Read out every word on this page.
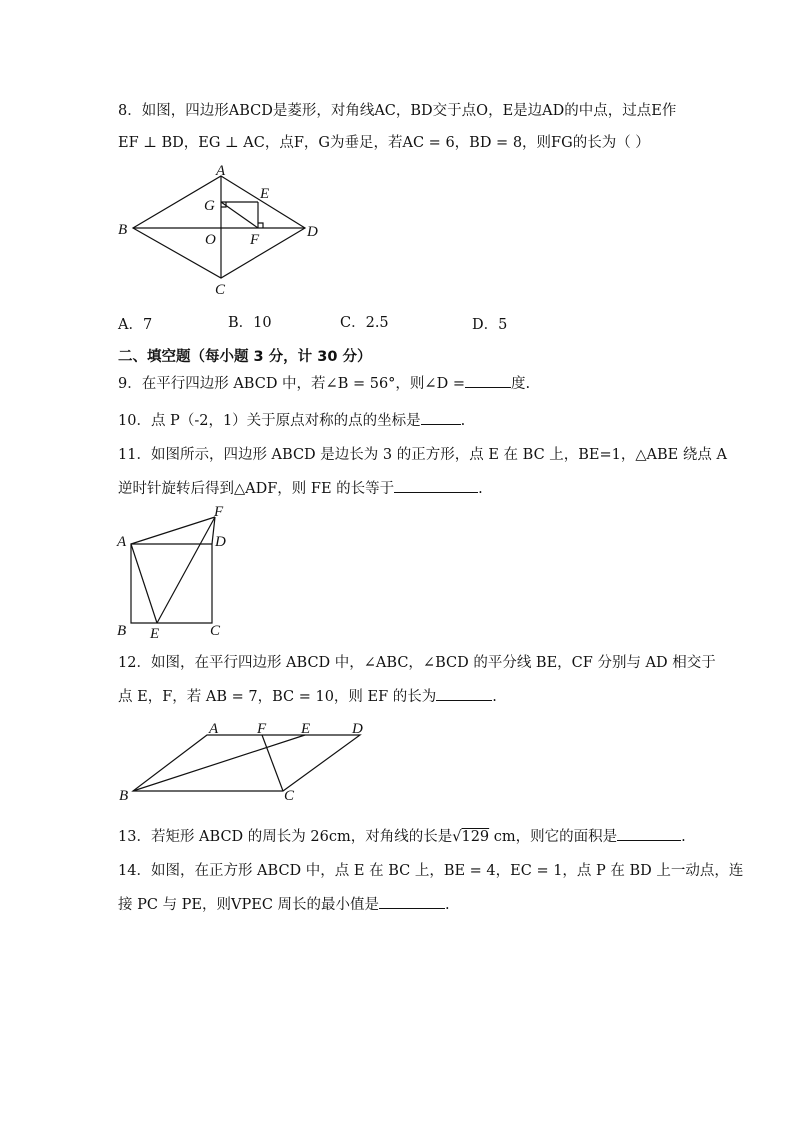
8．如图，四边形ABCD是菱形，对角线AC，BD交于点O，E是边AD的中点，过点E作
EF ⊥ BD，EG ⊥ AC，点F，G为垂足，若AC = 6，BD = 8，则FG的长为（ ）
A
E
G
B
O F	D
C
A．7	B．10	C．2.5	D．5
二、填空题（每小题 3 分，计 30 分）
9．在平行四边形 ABCD 中，若∠B = 56°，则∠D =	度.
10．点 P（-2，1）关于原点对称的点的坐标是	.
11．如图所示，四边形 ABCD 是边长为 3 的正方形，点 E 在 BC 上，BE=1，△ABE 绕点 A
逆时针旋转后得到△ADF，则 FE 的长等于	.
A
F
D
B E	C
12．如图，在平行四边形 ABCD 中，∠ABC，∠BCD 的平分线 BE，CF 分别与 AD 相交于
点 E，F，若 AB = 7，BC = 10，则 EF 的长为	.
A	F E	D
B	C
13．若矩形 ABCD 的周长为 26cm，对角线的长是√129 cm，则它的面积是	.
14．如图，在正方形 ABCD 中，点 E 在 BC 上，BE = 4，EC = 1，点 P 在 BD 上一动点，连
接 PC 与 PE，则VPEC 周长的最小值是	.
